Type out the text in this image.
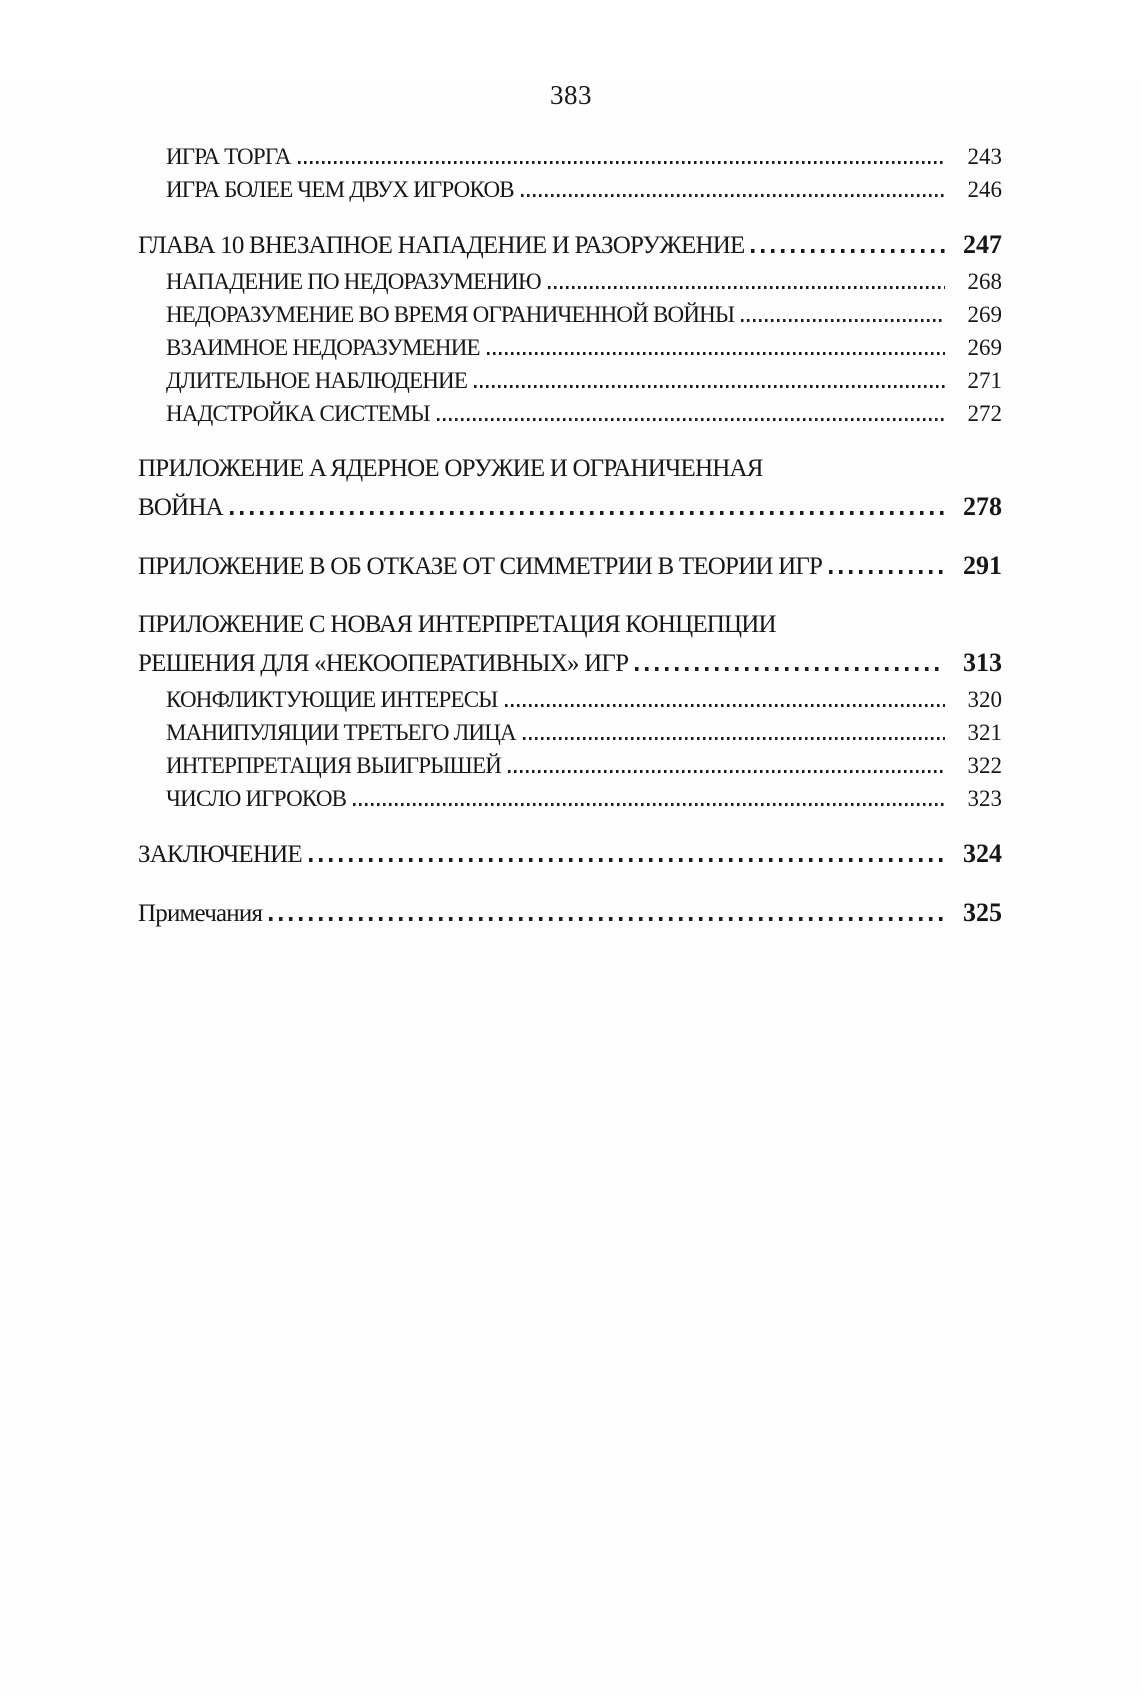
383
ИГРА ТОРГА	243
ИГРА БОЛЕЕ ЧЕМ ДВУХ ИГРОКОВ	246
ГЛАВА 10 ВНЕЗАПНОЕ НАПАДЕНИЕ И РАЗОРУЖЕНИЕ	247
НАПАДЕНИЕ ПО НЕДОРАЗУМЕНИЮ	268
НЕДОРАЗУМЕНИЕ ВО ВРЕМЯ ОГРАНИЧЕННОЙ ВОЙНЫ	269
ВЗАИМНОЕ НЕДОРАЗУМЕНИЕ	269
ДЛИТЕЛЬНОЕ НАБЛЮДЕНИЕ	271
НАДСТРОЙКА СИСТЕМЫ	272
ПРИЛОЖЕНИЕ A ЯДЕРНОЕ ОРУЖИЕ И ОГРАНИЧЕННАЯ
ВОЙНА	278
ПРИЛОЖЕНИЕ B ОБ ОТКАЗЕ ОТ СИММЕТРИИ В ТЕОРИИ ИГР	291
ПРИЛОЖЕНИЕ C НОВАЯ ИНТЕРПРЕТАЦИЯ КОНЦЕПЦИИ
РЕШЕНИЯ ДЛЯ «НЕКООПЕРАТИВНЫХ» ИГР	313
КОНФЛИКТУЮЩИЕ ИНТЕРЕСЫ	320
МАНИПУЛЯЦИИ ТРЕТЬЕГО ЛИЦА	321
ИНТЕРПРЕТАЦИЯ ВЫИГРЫШЕЙ	322
ЧИСЛО ИГРОКОВ	323
ЗАКЛЮЧЕНИЕ	324
Примечания	325
